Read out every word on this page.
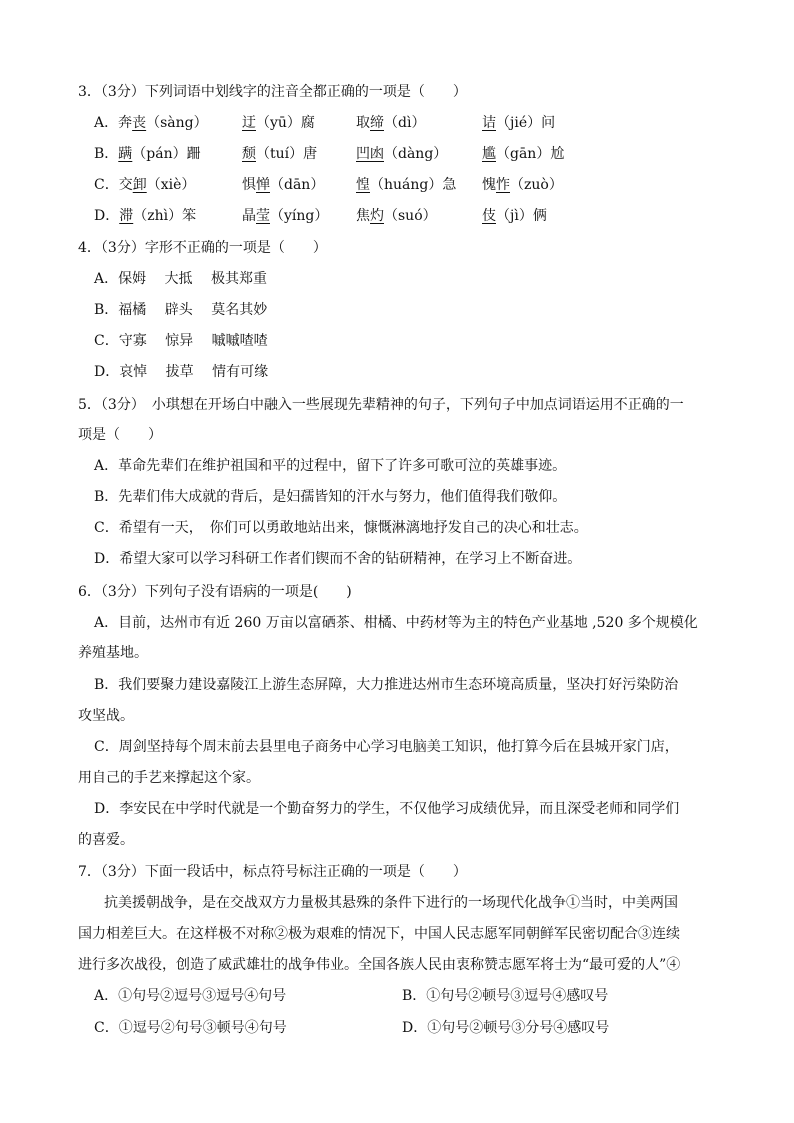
3．（3分）下列词语中划线字的注音全都正确的一项是（　　）
A．奔丧（sàng） 迂（yū）腐	取缔（dì）	诘（jié）问
B．蹒（pán）跚	颓（tuí）唐	凹凼（dàng） 尴（gān）尬
C．交卸（xiè）	惧惮（dān） 惶（huáng）急 愧怍（zuò）
D．滞（zhì）笨	晶莹（yíng） 焦灼（suó）	伎（jì）俩
4．（3分）字形不正确的一项是（　　）
A．保姆　 大抵　 极其郑重
B．福橘　 辟头　 莫名其妙
C．守寡　 惊异　 嘁嘁喳喳
D．哀悼　 拔草　 情有可缘
5．（3分）　小琪想在开场白中融入一些展现先辈精神的句子，下列句子中加点词语运用不正确的一
项是（　　）
A．革命先辈们在维护祖国和平的过程中，留下了许多可歌可泣的英雄事迹。
B．先辈们伟大成就的背后，是妇孺皆知的汗水与努力，他们值得我们敬仰。
C．希望有一天，　你们可以勇敢地站出来，慷慨淋漓地抒发自己的决心和壮志。
D．希望大家可以学习科研工作者们锲而不舍的钻研精神，在学习上不断奋进。
6．（3分）下列句子没有语病的一项是(　　)
A．目前，达州市有近 260 万亩以富硒茶、柑橘、中药材等为主的特色产业基地 ,520 多个规模化
养殖基地。
B．我们要聚力建设嘉陵江上游生态屏障，大力推进达州市生态环境高质量，坚决打好污染防治
攻坚战。
C．周剑坚持每个周末前去县里电子商务中心学习电脑美工知识，他打算今后在县城开家门店，
用自己的手艺来撑起这个家。
D．李安民在中学时代就是一个勤奋努力的学生，不仅他学习成绩优异，而且深受老师和同学们
的喜爱。
7．（3分）下面一段话中，标点符号标注正确的一项是（　　）
抗美援朝战争，是在交战双方力量极其悬殊的条件下进行的一场现代化战争①当时，中美两国
国力相差巨大。在这样极不对称②极为艰难的情况下，中国人民志愿军同朝鲜军民密切配合③连续
进行多次战役，创造了威武雄壮的战争伟业。全国各族人民由衷称赞志愿军将士为“最可爱的人”④
A．①句号②逗号③逗号④句号	B．①句号②顿号③逗号④感叹号
C．①逗号②句号③顿号④句号	D．①句号②顿号③分号④感叹号
